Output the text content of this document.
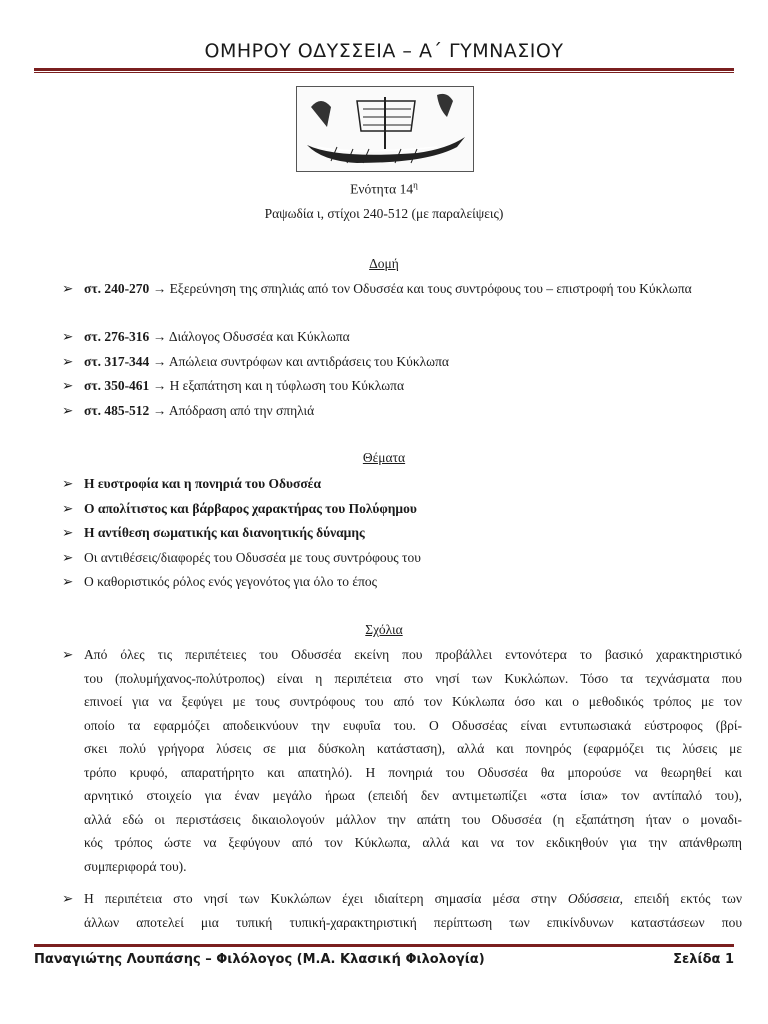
ΟΜΗΡΟΥ ΟΔΥΣΣΕΙΑ – Α΄ ΓΥΜΝΑΣΙΟΥ
Ενότητα $14^\eta$
Ραψωδία ι, στίχοι 240-512 (με παραλείψεις)
Δομή
➢ στ. 240-270 → Εξερεύνηση της σπηλιάς από τον Οδυσσέα και τους συντρόφους του – επιστροφή του Κύκλωπα
➢ στ. 276-316 → Διάλογος Οδυσσέα και Κύκλωπα
➢ στ. 317-344 → Απώλεια συντρόφων και αντιδράσεις του Κύκλωπα
➢ στ. 350-461 → Η εξαπάτηση και η τύφλωση του Κύκλωπα
➢ στ. 485-512 → Απόδραση από την σπηλιά
Θέματα
➢ Η ευστροφία και η πονηριά του Οδυσσέα
➢ Ο απολίτιστος και βάρβαρος χαρακτήρας του Πολύφημου
➢ Η αντίθεση σωματικής και διανοητικής δύναμης
➢ Οι αντιθέσεις/διαφορές του Οδυσσέα με τους συντρόφους του
➢ Ο καθοριστικός ρόλος ενός γεγονότος για όλο το έπος
Σχόλια
➢ Από όλες τις περιπέτειες του Οδυσσέα εκείνη που προβάλλει εντονότερα το βασικό χαρακτηριστικό
του (πολυμήχανος-πολύτροπος) είναι η περιπέτεια στο νησί των Κυκλώπων. Τόσο τα τεχνάσματα που
επινοεί για να ξεφύγει με τους συντρόφους του από τον Κύκλωπα όσο και ο μεθοδικός τρόπος με τον
οποίο τα εφαρμόζει αποδεικνύουν την ευφυΐα του. Ο Οδυσσέας είναι εντυπωσιακά εύστροφος (βρί-
σκει πολύ γρήγορα λύσεις σε μια δύσκολη κατάσταση), αλλά και πονηρός (εφαρμόζει τις λύσεις με
τρόπο κρυφό, απαρατήρητο και απατηλό). Η πονηριά του Οδυσσέα θα μπορούσε να θεωρηθεί και
αρνητικό στοιχείο για έναν μεγάλο ήρωα (επειδή δεν αντιμετωπίζει «στα ίσια» τον αντίπαλό του),
αλλά εδώ οι περιστάσεις δικαιολογούν μάλλον την απάτη του Οδυσσέα (η εξαπάτηση ήταν ο μοναδι-
κός τρόπος ώστε να ξεφύγουν από τον Κύκλωπα, αλλά και να τον εκδικηθούν για την απάνθρωπη
συμπεριφορά του).
➢ Η περιπέτεια στο νησί των Κυκλώπων έχει ιδιαίτερη σημασία μέσα στην Οδύσσεια, επειδή εκτός των
άλλων αποτελεί μια τυπική τυπική-χαρακτηριστική περίπτωση των επικίνδυνων καταστάσεων που
Παναγιώτης Λουπάσης – Φιλόλογος (Μ.Α. Κλασική Φιλολογία)	Σελίδα 1
